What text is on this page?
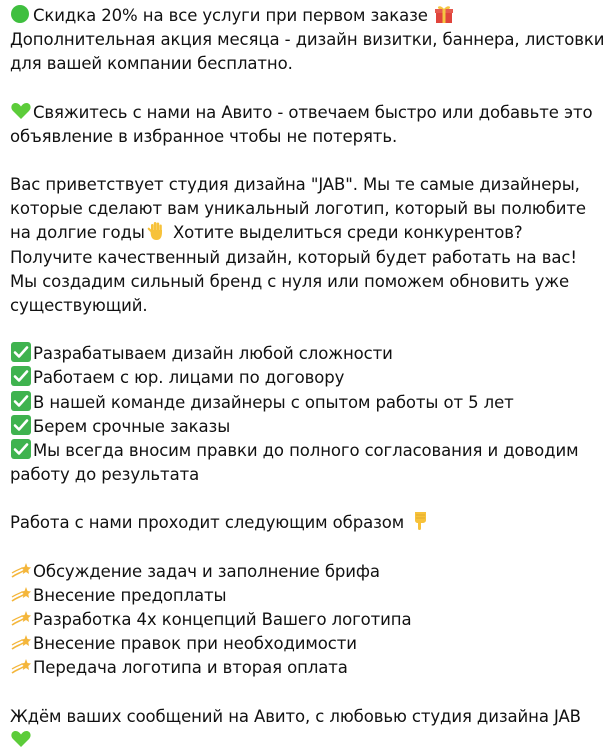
Скидка 20% на все услуги при первом заказе
Дополнительная акция месяца - дизайн визитки, баннера, листовки для вашей компании бесплатно.

Свяжитесь с нами на Авито - отвечаем быстро или добавьте это объявление в избранное чтобы не потерять.

Вас приветствует студия дизайна "JAB". Мы те самые дизайнеры, которые сделают вам уникальный логотип, который вы полюбите на долгие годы
Хотите выделиться среди конкурентов? Получите качественный дизайн, который будет работать на вас! Мы создадим сильный бренд с нуля или поможем обновить уже существующий.

Разрабатываем дизайн любой сложности
Работаем с юр. лицами по договору
В нашей команде дизайнеры с опытом работы от 5 лет
Берем срочные заказы
Мы всегда вносим правки до полного согласования и доводим работу до результата

Работа с нами проходит следующим образом

Обсуждение задач и заполнение брифа
Внесение предоплаты
Разработка 4х концепций Вашего логотипа
Внесение правок при необходимости
Передача логотипа и вторая оплата

Ждём ваших сообщений на Авито, с любовью студия дизайна JAB
